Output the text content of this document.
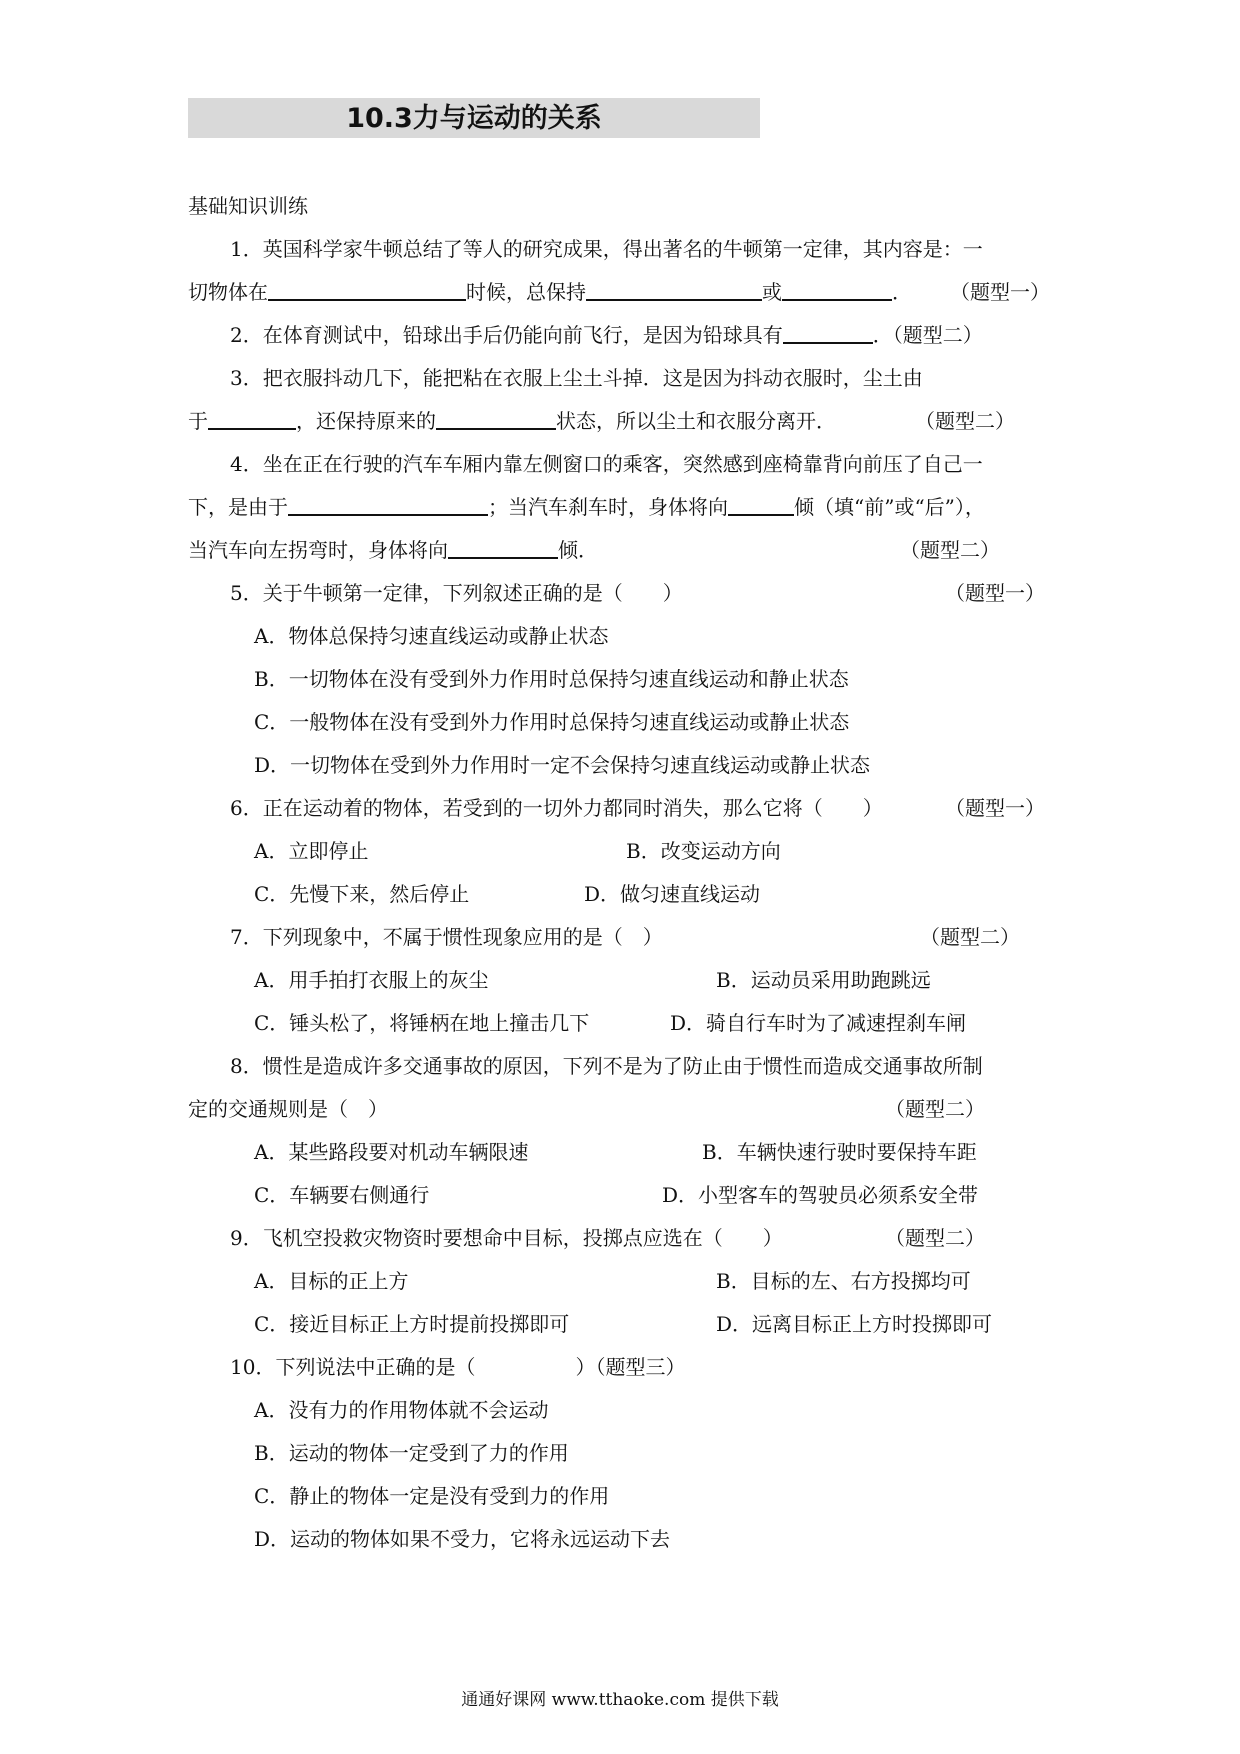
10.3力与运动的关系
基础知识训练
1．英国科学家牛顿总结了等人的研究成果，得出著名的牛顿第一定律，其内容是：一
切物体在	时候，总保持	或	． （题型一）
2．在体育测试中，铅球出手后仍能向前飞行，是因为铅球具有	．（题型二）
3．把衣服抖动几下，能把粘在衣服上尘土斗掉．这是因为抖动衣服时，尘土由
于	，还保持原来的	状态，所以尘土和衣服分离开．	（题型二）
4．坐在正在行驶的汽车车厢内靠左侧窗口的乘客，突然感到座椅靠背向前压了自己一
下，是由于	；当汽车刹车时，身体将向	倾（填“前”或“后”），
当汽车向左拐弯时，身体将向	倾．	（题型二）
5．关于牛顿第一定律，下列叙述正确的是（　　）	（题型一）
A．物体总保持匀速直线运动或静止状态
B．一切物体在没有受到外力作用时总保持匀速直线运动和静止状态
C．一般物体在没有受到外力作用时总保持匀速直线运动或静止状态
D．一切物体在受到外力作用时一定不会保持匀速直线运动或静止状态
6．正在运动着的物体，若受到的一切外力都同时消失，那么它将（　　）	（题型一）
A．立即停止	B．改变运动方向
C．先慢下来，然后停止	D．做匀速直线运动
7．下列现象中，不属于惯性现象应用的是（　）	（题型二）
A．用手拍打衣服上的灰尘	B．运动员采用助跑跳远
C．锤头松了，将锤柄在地上撞击几下	D．骑自行车时为了减速捏刹车闸
8．惯性是造成许多交通事故的原因，下列不是为了防止由于惯性而造成交通事故所制
定的交通规则是（　）	（题型二）
A．某些路段要对机动车辆限速	B．车辆快速行驶时要保持车距
C．车辆要右侧通行	D．小型客车的驾驶员必须系安全带
9．飞机空投救灾物资时要想命中目标，投掷点应选在（　　）	（题型二）
A．目标的正上方	B．目标的左、右方投掷均可
C．接近目标正上方时提前投掷即可	D．远离目标正上方时投掷即可
10．下列说法中正确的是（　　　　　）（题型三）
A．没有力的作用物体就不会运动
B．运动的物体一定受到了力的作用
C．静止的物体一定是没有受到力的作用
D．运动的物体如果不受力，它将永远运动下去
通通好课网 www.tthaoke.com 提供下载
